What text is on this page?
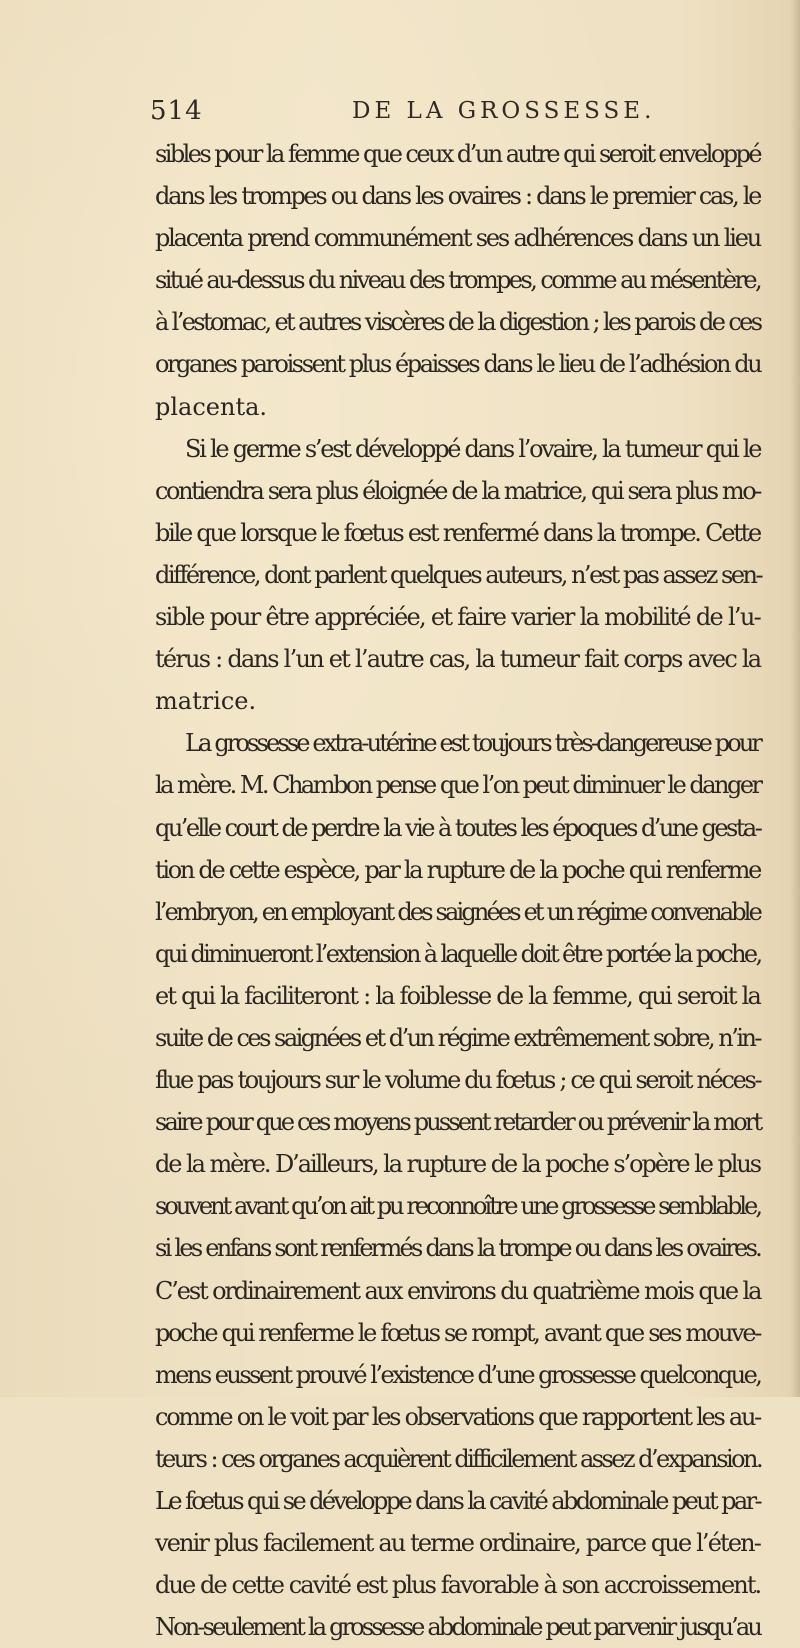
514	DE LA GROSSESSE.
sibles pour la femme que ceux d’un autre qui seroit enveloppé
dans les trompes ou dans les ovaires : dans le premier cas, le
placenta prend communément ses adhérences dans un lieu
situé au-dessus du niveau des trompes, comme au mésentère,
à l’estomac, et autres viscères de la digestion ; les parois de ces
organes paroissent plus épaisses dans le lieu de l’adhésion du
placenta.
Si le germe s’est développé dans l’ovaire, la tumeur qui le
contiendra sera plus éloignée de la matrice, qui sera plus mo-
bile que lorsque le fœtus est renfermé dans la trompe. Cette
différence, dont parlent quelques auteurs, n’est pas assez sen-
sible pour être appréciée, et faire varier la mobilité de l’u-
térus : dans l’un et l’autre cas, la tumeur fait corps avec la
matrice.
La grossesse extra-utérine est toujours très-dangereuse pour
la mère. M. Chambon pense que l’on peut diminuer le danger
qu’elle court de perdre la vie à toutes les époques d’une gesta-
tion de cette espèce, par la rupture de la poche qui renferme
l’embryon, en employant des saignées et un régime convenable
qui diminueront l’extension à laquelle doit être portée la poche,
et qui la faciliteront : la foiblesse de la femme, qui seroit la
suite de ces saignées et d’un régime extrêmement sobre, n’in-
flue pas toujours sur le volume du fœtus ; ce qui seroit néces-
saire pour que ces moyens pussent retarder ou prévenir la mort
de la mère. D’ailleurs, la rupture de la poche s’opère le plus
souvent avant qu’on ait pu reconnoître une grossesse semblable,
si les enfans sont renfermés dans la trompe ou dans les ovaires.
C’est ordinairement aux environs du quatrième mois que la
poche qui renferme le fœtus se rompt, avant que ses mouve-
mens eussent prouvé l’existence d’une grossesse quelconque,
comme on le voit par les observations que rapportent les au-
teurs : ces organes acquièrent difficilement assez d’expansion.
Le fœtus qui se développe dans la cavité abdominale peut par-
venir plus facilement au terme ordinaire, parce que l’éten-
due de cette cavité est plus favorable à son accroissement.
Non-seulement la grossesse abdominale peut parvenir jusqu’au
